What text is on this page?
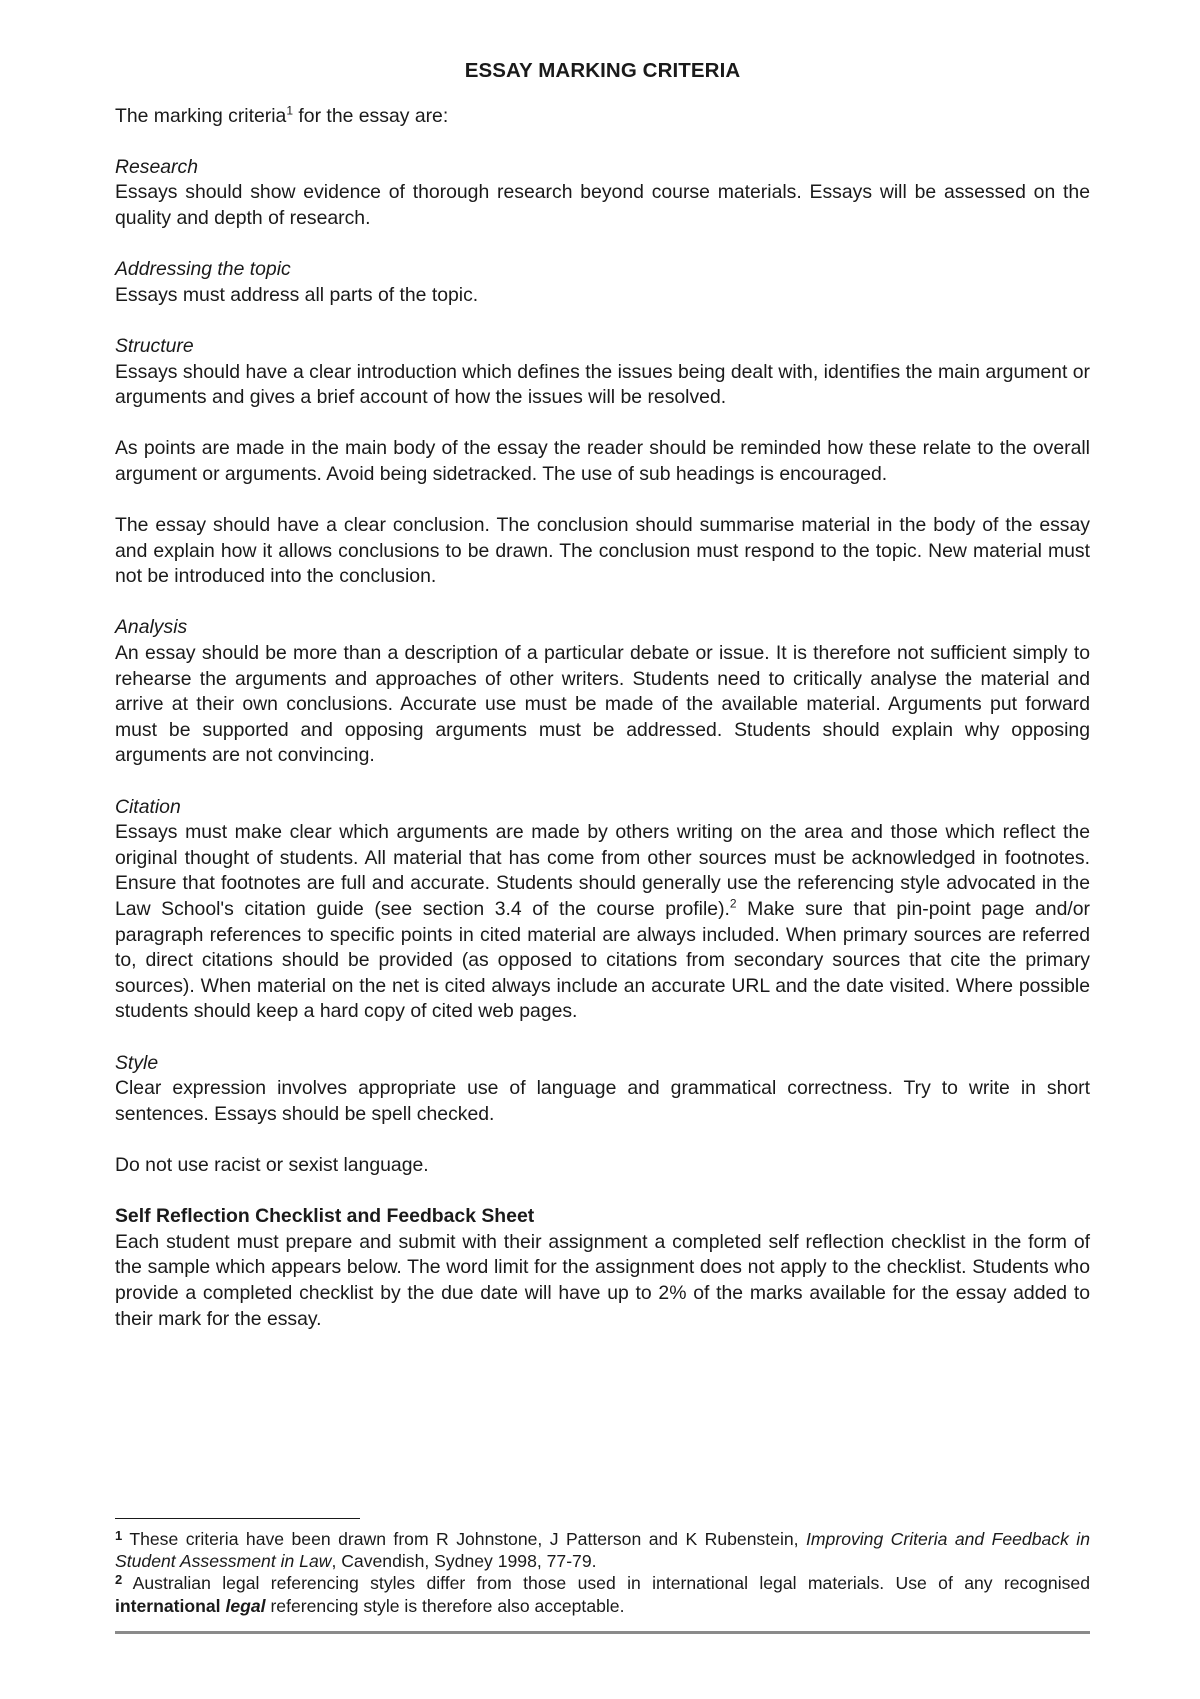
ESSAY MARKING CRITERIA

The marking criteria$^1$ for the essay are:

Research
Essays should show evidence of thorough research beyond course materials. Essays will be assessed on the quality and depth of research.

Addressing the topic
Essays must address all parts of the topic.

Structure
Essays should have a clear introduction which defines the issues being dealt with, identifies the main argument or arguments and gives a brief account of how the issues will be resolved.

As points are made in the main body of the essay the reader should be reminded how these relate to the overall argument or arguments. Avoid being sidetracked. The use of sub headings is encouraged.

The essay should have a clear conclusion. The conclusion should summarise material in the body of the essay and explain how it allows conclusions to be drawn. The conclusion must respond to the topic. New material must not be introduced into the conclusion.

Analysis
An essay should be more than a description of a particular debate or issue. It is therefore not sufficient simply to rehearse the arguments and approaches of other writers. Students need to critically analyse the material and arrive at their own conclusions. Accurate use must be made of the available material. Arguments put forward must be supported and opposing arguments must be addressed. Students should explain why opposing arguments are not convincing.

Citation
Essays must make clear which arguments are made by others writing on the area and those which reflect the original thought of students. All material that has come from other sources must be acknowledged in footnotes. Ensure that footnotes are full and accurate. Students should generally use the referencing style advocated in the Law School's citation guide (see section 3.4 of the course profile).$^2$ Make sure that pin-point page and/or paragraph references to specific points in cited material are always included. When primary sources are referred to, direct citations should be provided (as opposed to citations from secondary sources that cite the primary sources). When material on the net is cited always include an accurate URL and the date visited. Where possible students should keep a hard copy of cited web pages.

Style
Clear expression involves appropriate use of language and grammatical correctness. Try to write in short sentences. Essays should be spell checked.

Do not use racist or sexist language.

Self Reflection Checklist and Feedback Sheet
Each student must prepare and submit with their assignment a completed self reflection checklist in the form of the sample which appears below. The word limit for the assignment does not apply to the checklist. Students who provide a completed checklist by the due date will have up to 2% of the marks available for the essay added to their mark for the essay.

$^1$ These criteria have been drawn from R Johnstone, J Patterson and K Rubenstein, Improving Criteria and Feedback in Student Assessment in Law, Cavendish, Sydney 1998, 77-79.

$^2$ Australian legal referencing styles differ from those used in international legal materials. Use of any recognised international legal referencing style is therefore also acceptable.
